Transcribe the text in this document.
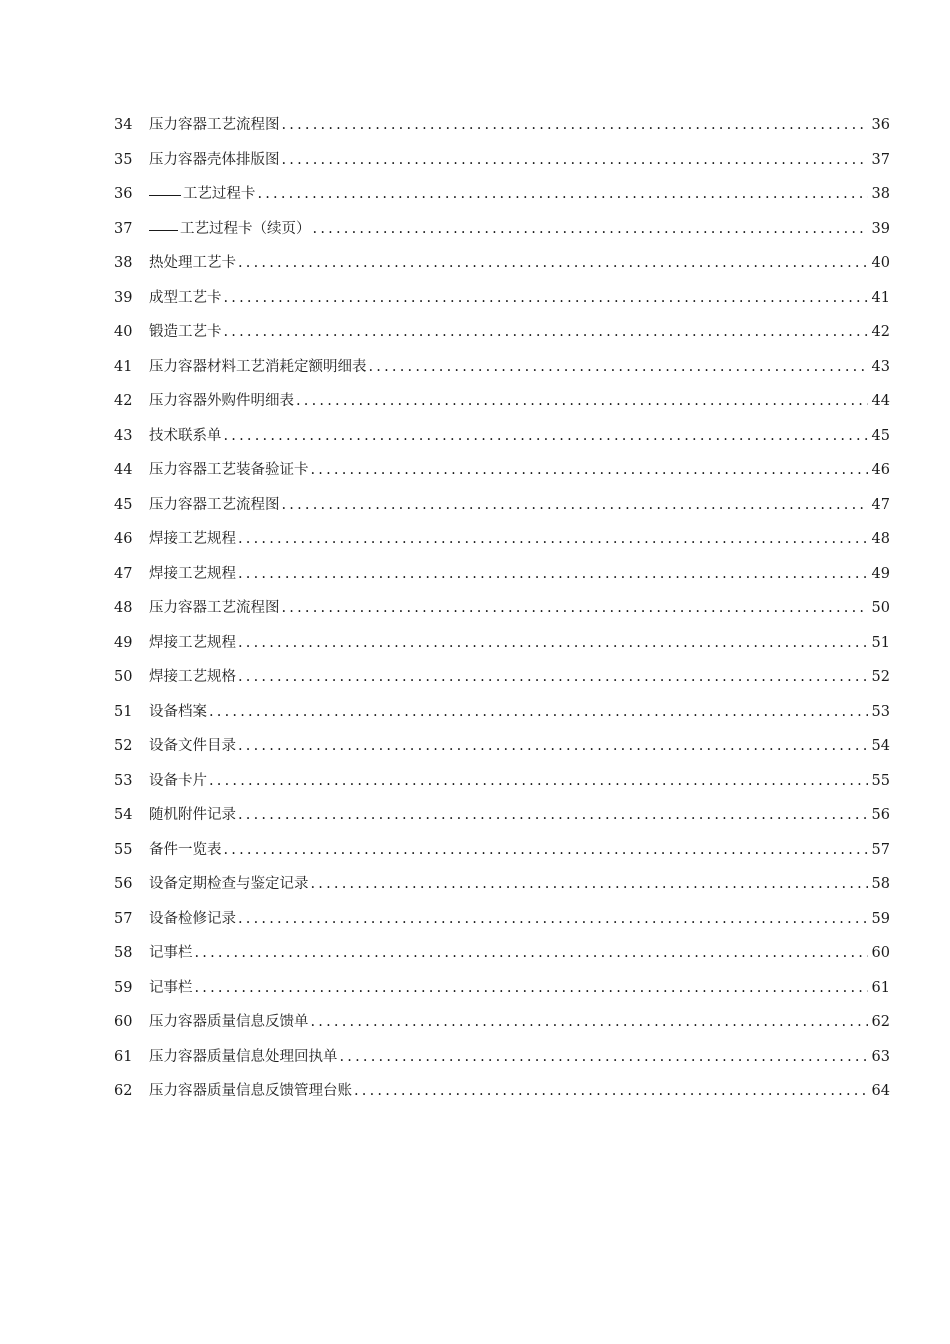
34	压力容器工艺流程图 .....	36
35	压力容器壳体排版图 .....	37
36	工艺过程卡 .....	38
37	工艺过程卡（续页） .....	39
38	热处理工艺卡 .....	40
39	成型工艺卡 .....	41
40	锻造工艺卡 .....	42
41	压力容器材料工艺消耗定额明细表 .....	43
42	压力容器外购件明细表 .....	44
43	技术联系单 .....	45
44	压力容器工艺装备验证卡 .....	46
45	压力容器工艺流程图 .....	47
46	焊接工艺规程 .....	48
47	焊接工艺规程 .....	49
48	压力容器工艺流程图 .....	50
49	焊接工艺规程 .....	51
50	焊接工艺规格 .....	52
51	设备档案 .....	53
52	设备文件目录 .....	54
53	设备卡片 .....	55
54	随机附件记录 .....	56
55	备件一览表 .....	57
56	设备定期检查与鉴定记录 .....	58
57	设备检修记录 .....	59
58	记事栏 .....	60
59	记事栏 .....	61
60	压力容器质量信息反馈单 .....	62
61	压力容器质量信息处理回执单 .....	63
62	压力容器质量信息反馈管理台账 .....	64
